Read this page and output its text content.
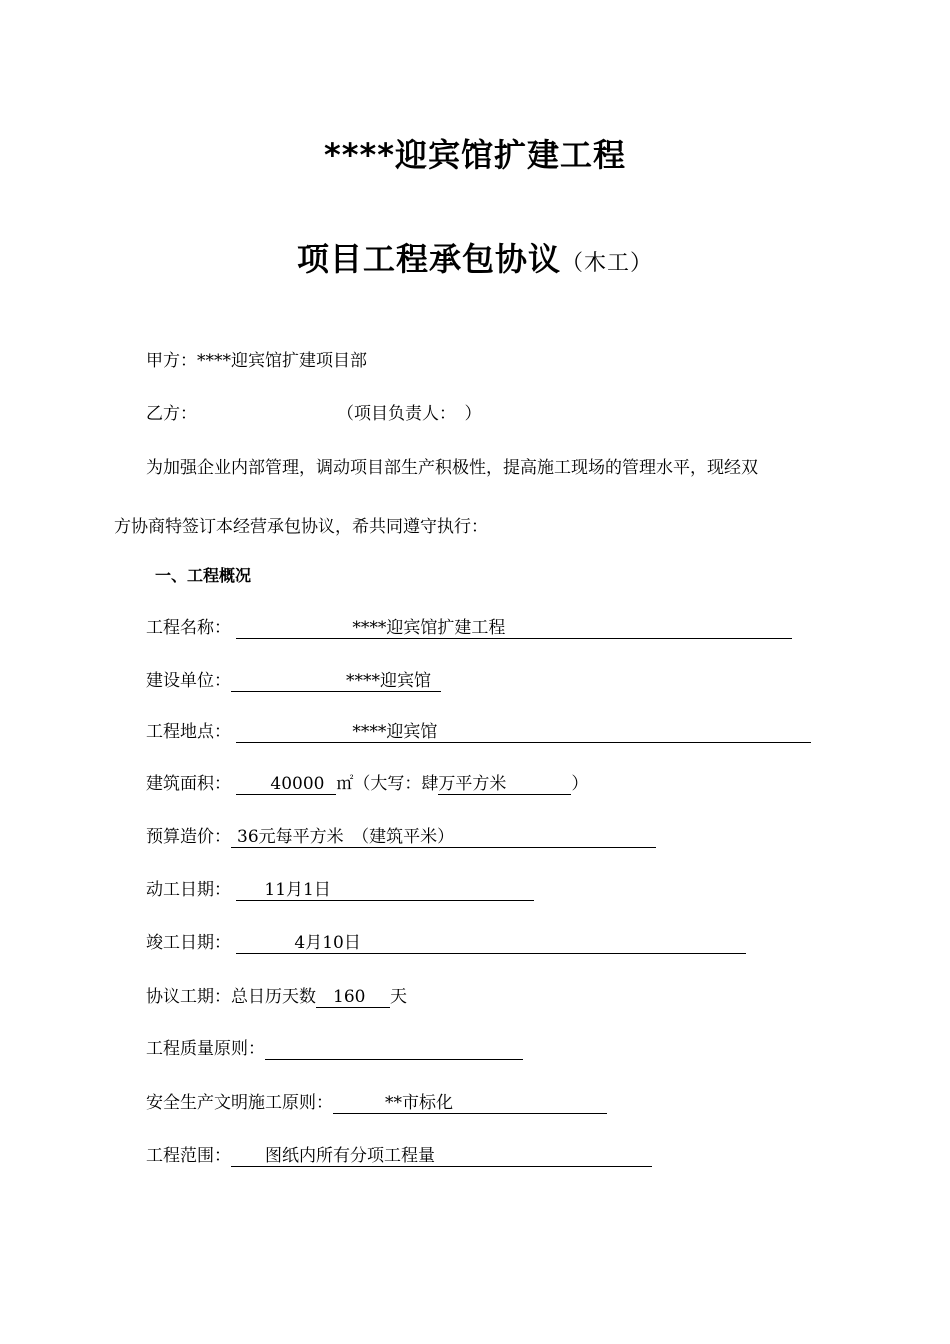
****迎宾馆扩建工程
项目工程承包协议（木工）
甲方：****迎宾馆扩建项目部
乙方：	（项目负责人：　）
为加强企业内部管理，调动项目部生产积极性，提高施工现场的管理水平，现经双
方协商特签订本经营承包协议，希共同遵守执行：
一、工程概况
工程名称：	****迎宾馆扩建工程
建设单位：	****迎宾馆
工程地点：	****迎宾馆
建筑面积： 40000 ㎡（大写：肆 万平方米	）
预算造价： 36元每平方米　（建筑平米）
动工日期： 11月1日
竣工日期：	4月10日
协议工期：总日历天数 160 天
工程质量原则：
安全生产文明施工原则：	**市标化
工程范围： 图纸内所有分项工程量
